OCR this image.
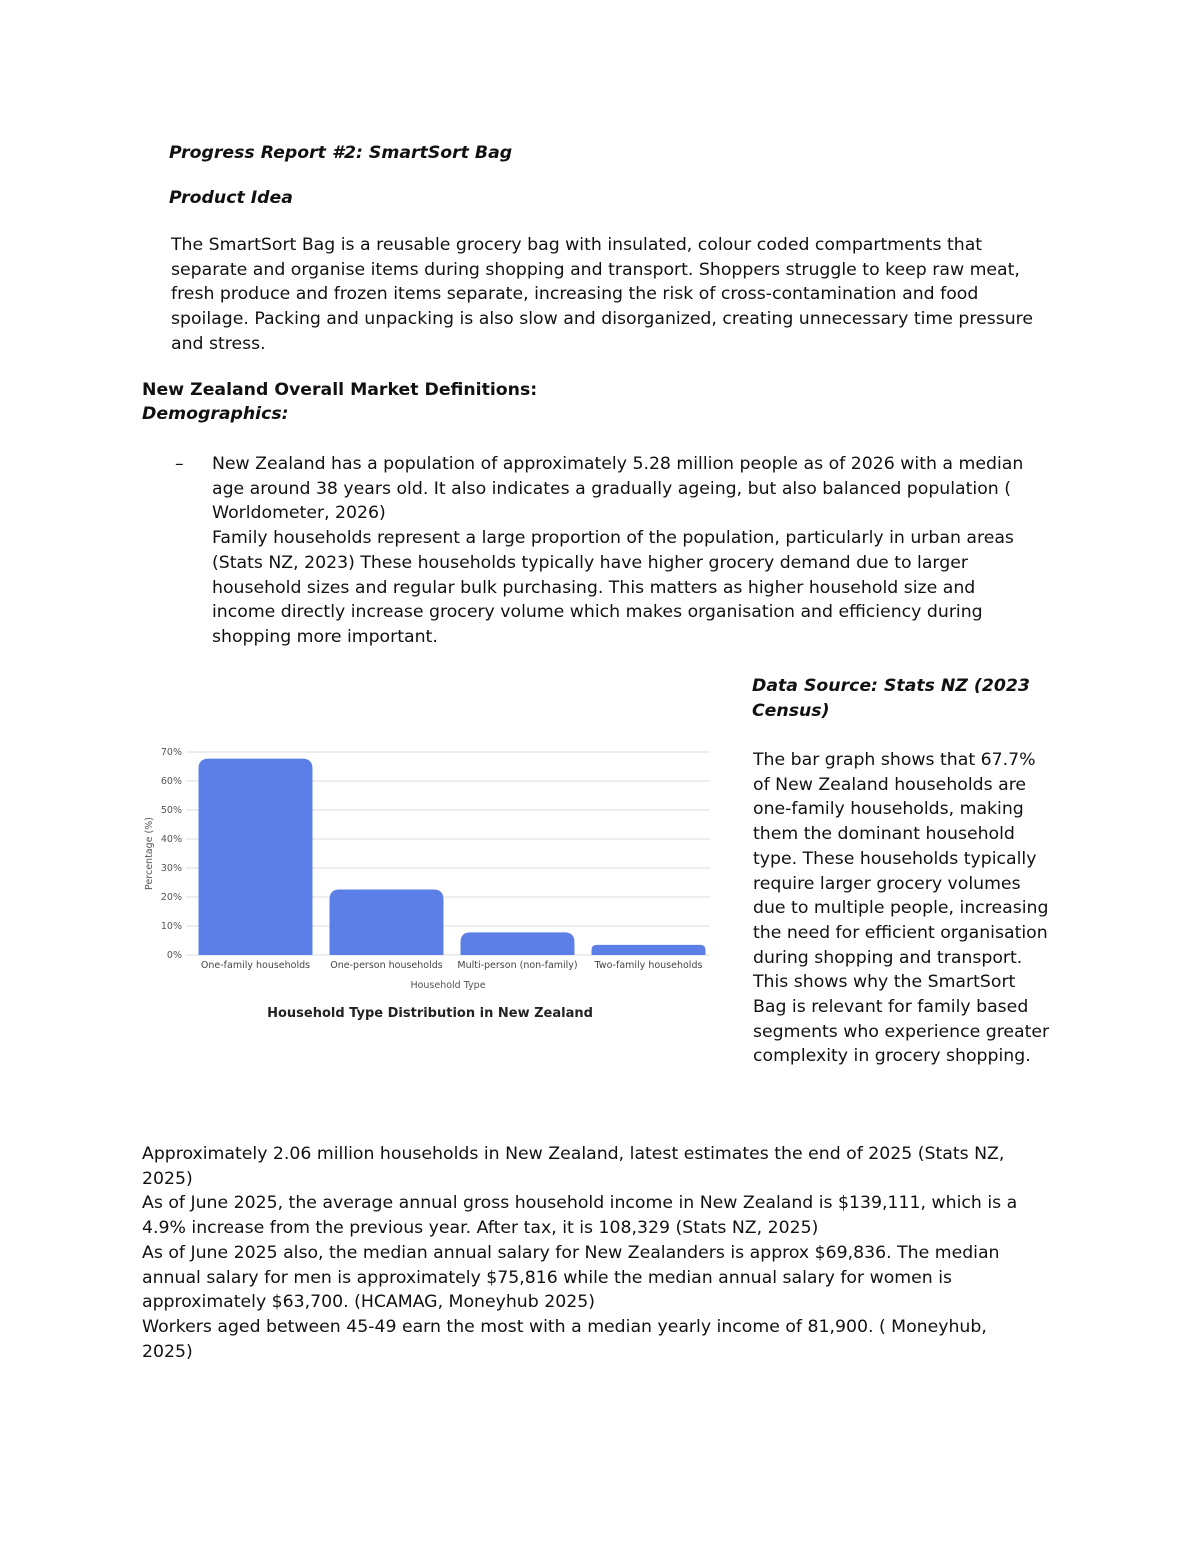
Progress Report #2: SmartSort Bag
Product Idea
The SmartSort Bag is a reusable grocery bag with insulated, colour coded compartments that
separate and organise items during shopping and transport. Shoppers struggle to keep raw meat,
fresh produce and frozen items separate, increasing the risk of cross-contamination and food
spoilage. Packing and unpacking is also slow and disorganized, creating unnecessary time pressure
and stress.
New Zealand Overall Market Definitions:
Demographics:
– New Zealand has a population of approximately 5.28 million people as of 2026 with a median
age around 38 years old. It also indicates a gradually ageing, but also balanced population (
Worldometer, 2026)
Family households represent a large proportion of the population, particularly in urban areas
(Stats NZ, 2023) These households typically have higher grocery demand due to larger
household sizes and regular bulk purchasing. This matters as higher household size and
income directly increase grocery volume which makes organisation and efficiency during
shopping more important.
Data Source: Stats NZ (2023
Census)
The bar graph shows that 67.7%
of New Zealand households are
one-family households, making
them the dominant household
type. These households typically
require larger grocery volumes
due to multiple people, increasing
the need for efficient organisation
during shopping and transport.
This shows why the SmartSort
Bag is relevant for family based
segments who experience greater
complexity in grocery shopping.
0%
10%
20%
30%
40%
50%
60%
70%
One-family households One-person households Multi-person (non-family) Two-family households
Household Type
Percentage (%)
Household Type Distribution in New Zealand
Approximately 2.06 million households in New Zealand, latest estimates the end of 2025 (Stats NZ,
2025)
As of June 2025, the average annual gross household income in New Zealand is $139,111, which is a
4.9% increase from the previous year. After tax, it is 108,329 (Stats NZ, 2025)
As of June 2025 also, the median annual salary for New Zealanders is approx $69,836. The median
annual salary for men is approximately $75,816 while the median annual salary for women is
approximately $63,700. (HCAMAG, Moneyhub 2025)
Workers aged between 45-49 earn the most with a median yearly income of 81,900. ( Moneyhub,
2025)
